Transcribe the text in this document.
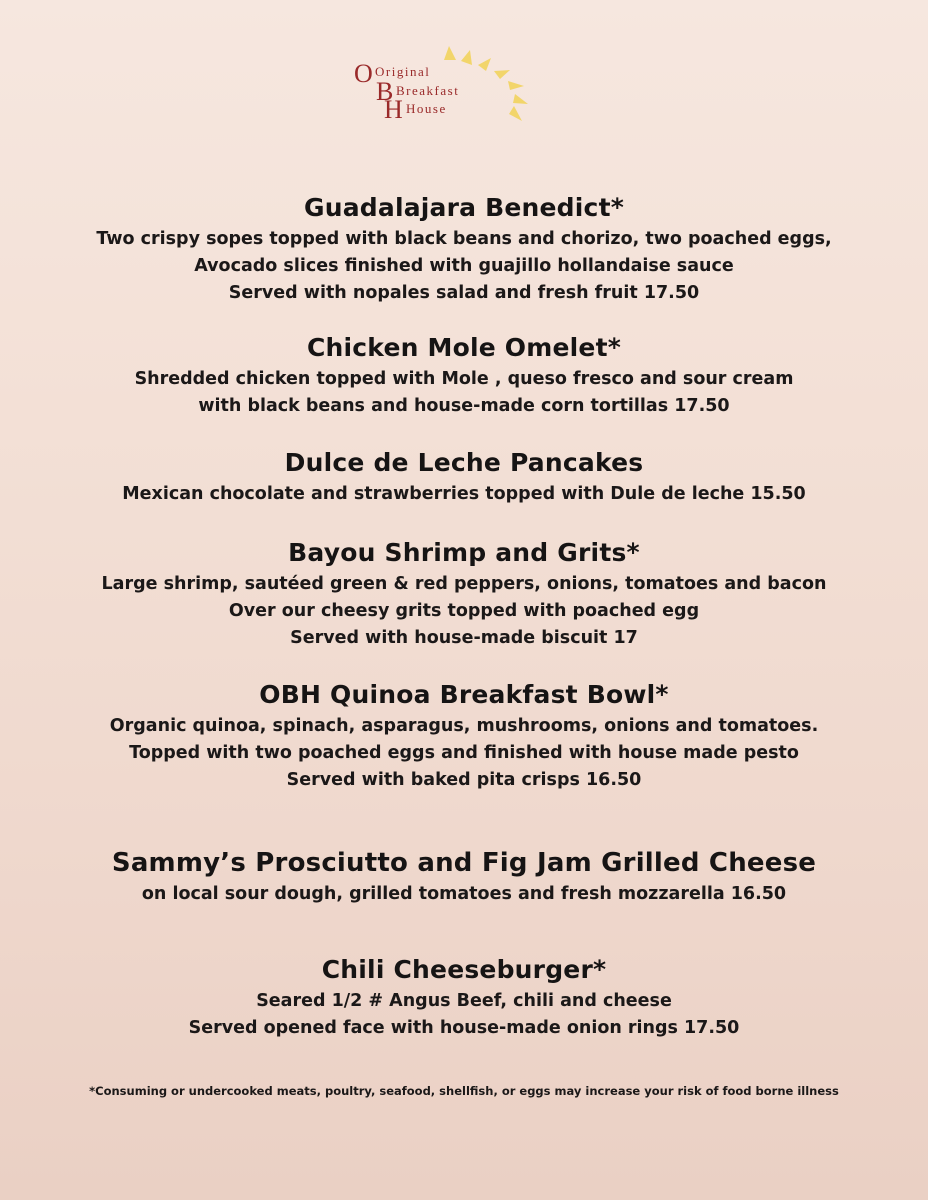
O Original
B Breakfast
H House
Guadalajara Benedict*
Two crispy sopes topped with black beans and chorizo, two poached eggs,
Avocado slices finished with guajillo hollandaise sauce
Served with nopales salad and fresh fruit 17.50
Chicken Mole Omelet*
Shredded chicken topped with Mole , queso fresco and sour cream
with black beans and house-made corn tortillas 17.50
Dulce de Leche Pancakes
Mexican chocolate and strawberries topped with Dule de leche 15.50
Bayou Shrimp and Grits*
Large shrimp, sautéed green & red peppers, onions, tomatoes and bacon
Over our cheesy grits topped with poached egg
Served with house-made biscuit 17
OBH Quinoa Breakfast Bowl*
Organic quinoa, spinach, asparagus, mushrooms, onions and tomatoes.
Topped with two poached eggs and finished with house made pesto
Served with baked pita crisps 16.50
Sammy’s Prosciutto and Fig Jam Grilled Cheese
on local sour dough, grilled tomatoes and fresh mozzarella 16.50
Chili Cheeseburger*
Seared 1/2 # Angus Beef, chili and cheese
Served opened face with house-made onion rings 17.50
*Consuming or undercooked meats, poultry, seafood, shellfish, or eggs may increase your risk of food borne illness
